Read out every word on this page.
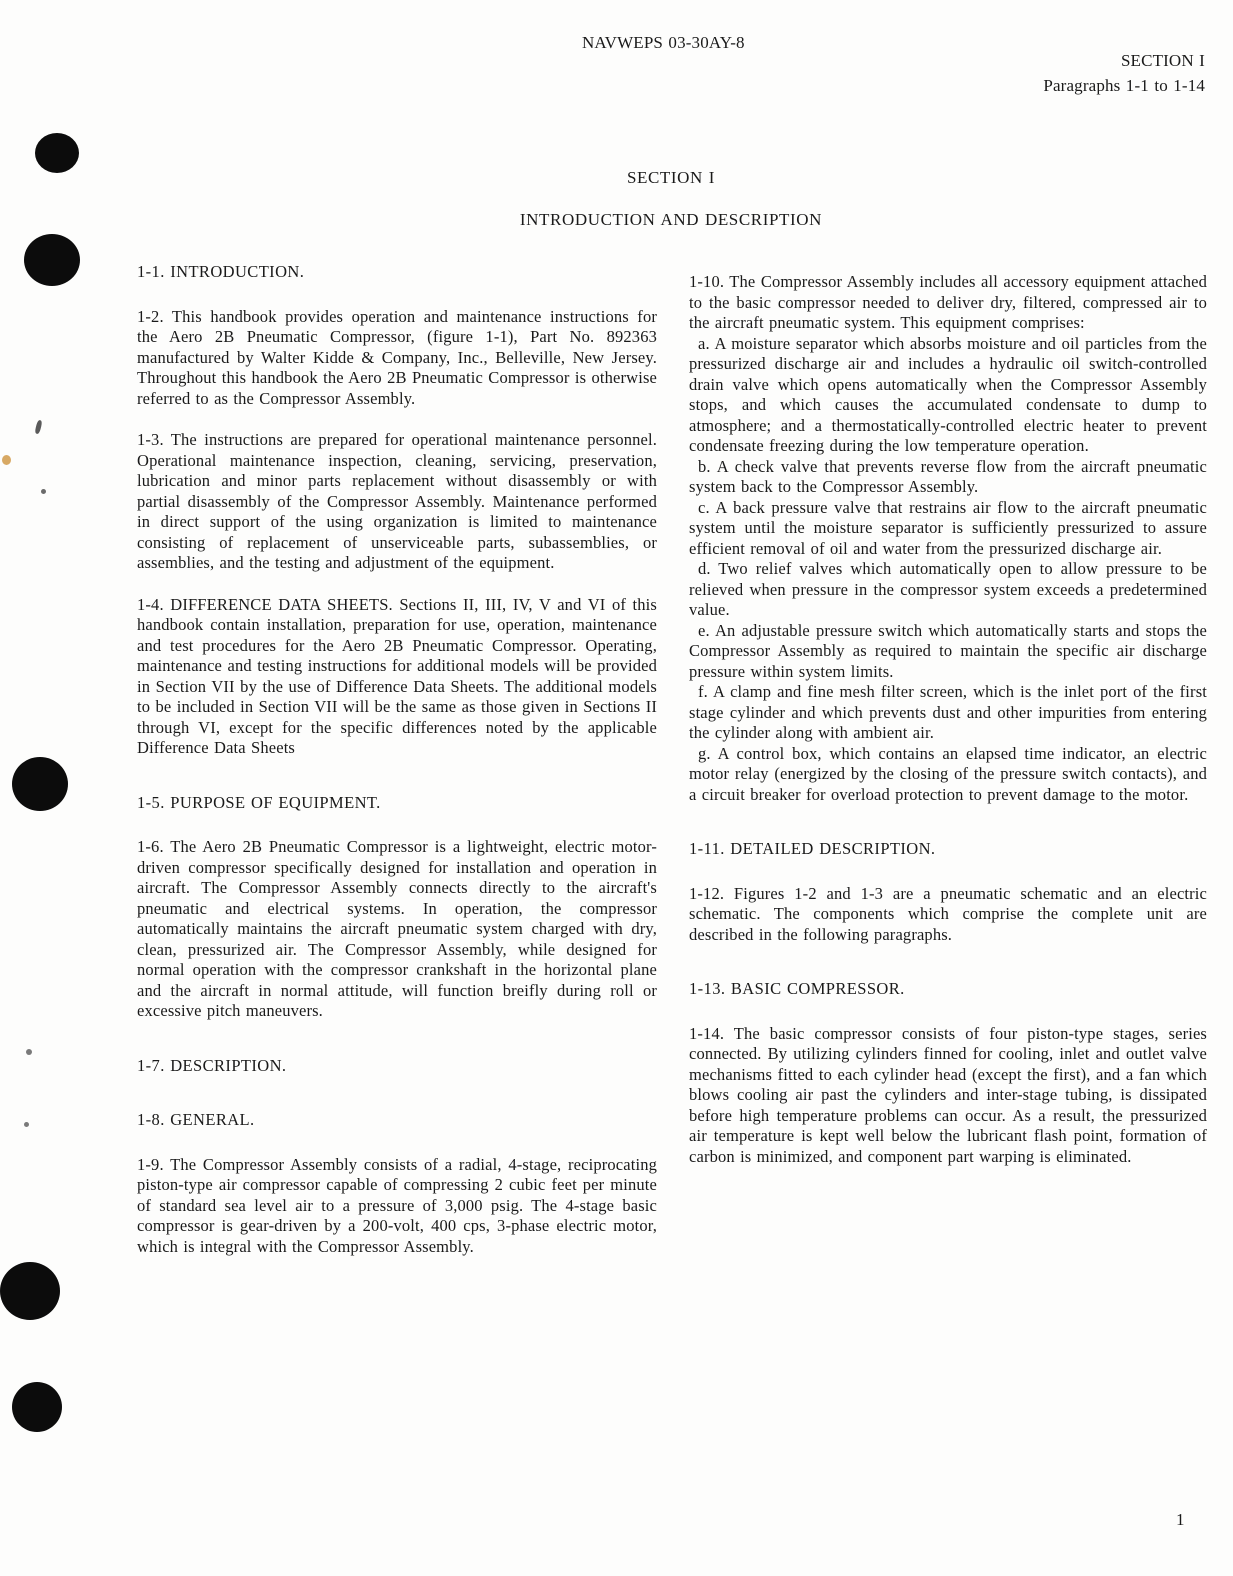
NAVWEPS 03-30AY-8
SECTION I
Paragraphs 1-1 to 1-14
SECTION I
INTRODUCTION AND DESCRIPTION
1-1. INTRODUCTION.
1-2. This handbook provides operation and maintenance instructions for the Aero 2B Pneumatic Compressor, (figure 1-1), Part No. 892363 manufactured by Walter Kidde & Company, Inc., Belleville, New Jersey. Throughout this handbook the Aero 2B Pneumatic Compressor is otherwise referred to as the Compressor Assembly.
1-3. The instructions are prepared for operational maintenance personnel. Operational maintenance inspection, cleaning, servicing, preservation, lubrication and minor parts replacement without disassembly or with partial disassembly of the Compressor Assembly. Maintenance performed in direct support of the using organization is limited to maintenance consisting of replacement of unserviceable parts, subassemblies, or assemblies, and the testing and adjustment of the equipment.
1-4. DIFFERENCE DATA SHEETS. Sections II, III, IV, V and VI of this handbook contain installation, preparation for use, operation, maintenance and test procedures for the Aero 2B Pneumatic Compressor. Operating, maintenance and testing instructions for additional models will be provided in Section VII by the use of Difference Data Sheets. The additional models to be included in Section VII will be the same as those given in Sections II through VI, except for the specific differences noted by the applicable Difference Data Sheets
1-5. PURPOSE OF EQUIPMENT.
1-6. The Aero 2B Pneumatic Compressor is a lightweight, electric motor-driven compressor specifically designed for installation and operation in aircraft. The Compressor Assembly connects directly to the aircraft's pneumatic and electrical systems. In operation, the compressor automatically maintains the aircraft pneumatic system charged with dry, clean, pressurized air. The Compressor Assembly, while designed for normal operation with the compressor crankshaft in the horizontal plane and the aircraft in normal attitude, will function breifly during roll or excessive pitch maneuvers.
1-7. DESCRIPTION.
1-8. GENERAL.
1-9. The Compressor Assembly consists of a radial, 4-stage, reciprocating piston-type air compressor capable of compressing 2 cubic feet per minute of standard sea level air to a pressure of 3,000 psig. The 4-stage basic compressor is gear-driven by a 200-volt, 400 cps, 3-phase electric motor, which is integral with the Compressor Assembly.
1-10. The Compressor Assembly includes all accessory equipment attached to the basic compressor needed to deliver dry, filtered, compressed air to the aircraft pneumatic system. This equipment comprises:
a. A moisture separator which absorbs moisture and oil particles from the pressurized discharge air and includes a hydraulic oil switch-controlled drain valve which opens automatically when the Compressor Assembly stops, and which causes the accumulated condensate to dump to atmosphere; and a thermostatically-controlled electric heater to prevent condensate freezing during the low temperature operation.
b. A check valve that prevents reverse flow from the aircraft pneumatic system back to the Compressor Assembly.
c. A back pressure valve that restrains air flow to the aircraft pneumatic system until the moisture separator is sufficiently pressurized to assure efficient removal of oil and water from the pressurized discharge air.
d. Two relief valves which automatically open to allow pressure to be relieved when pressure in the compressor system exceeds a predetermined value.
e. An adjustable pressure switch which automatically starts and stops the Compressor Assembly as required to maintain the specific air discharge pressure within system limits.
f. A clamp and fine mesh filter screen, which is the inlet port of the first stage cylinder and which prevents dust and other impurities from entering the cylinder along with ambient air.
g. A control box, which contains an elapsed time indicator, an electric motor relay (energized by the closing of the pressure switch contacts), and a circuit breaker for overload protection to prevent damage to the motor.
1-11. DETAILED DESCRIPTION.
1-12. Figures 1-2 and 1-3 are a pneumatic schematic and an electric schematic. The components which comprise the complete unit are described in the following paragraphs.
1-13. BASIC COMPRESSOR.
1-14. The basic compressor consists of four piston-type stages, series connected. By utilizing cylinders finned for cooling, inlet and outlet valve mechanisms fitted to each cylinder head (except the first), and a fan which blows cooling air past the cylinders and inter-stage tubing, is dissipated before high temperature problems can occur. As a result, the pressurized air temperature is kept well below the lubricant flash point, formation of carbon is minimized, and component part warping is eliminated.
1
